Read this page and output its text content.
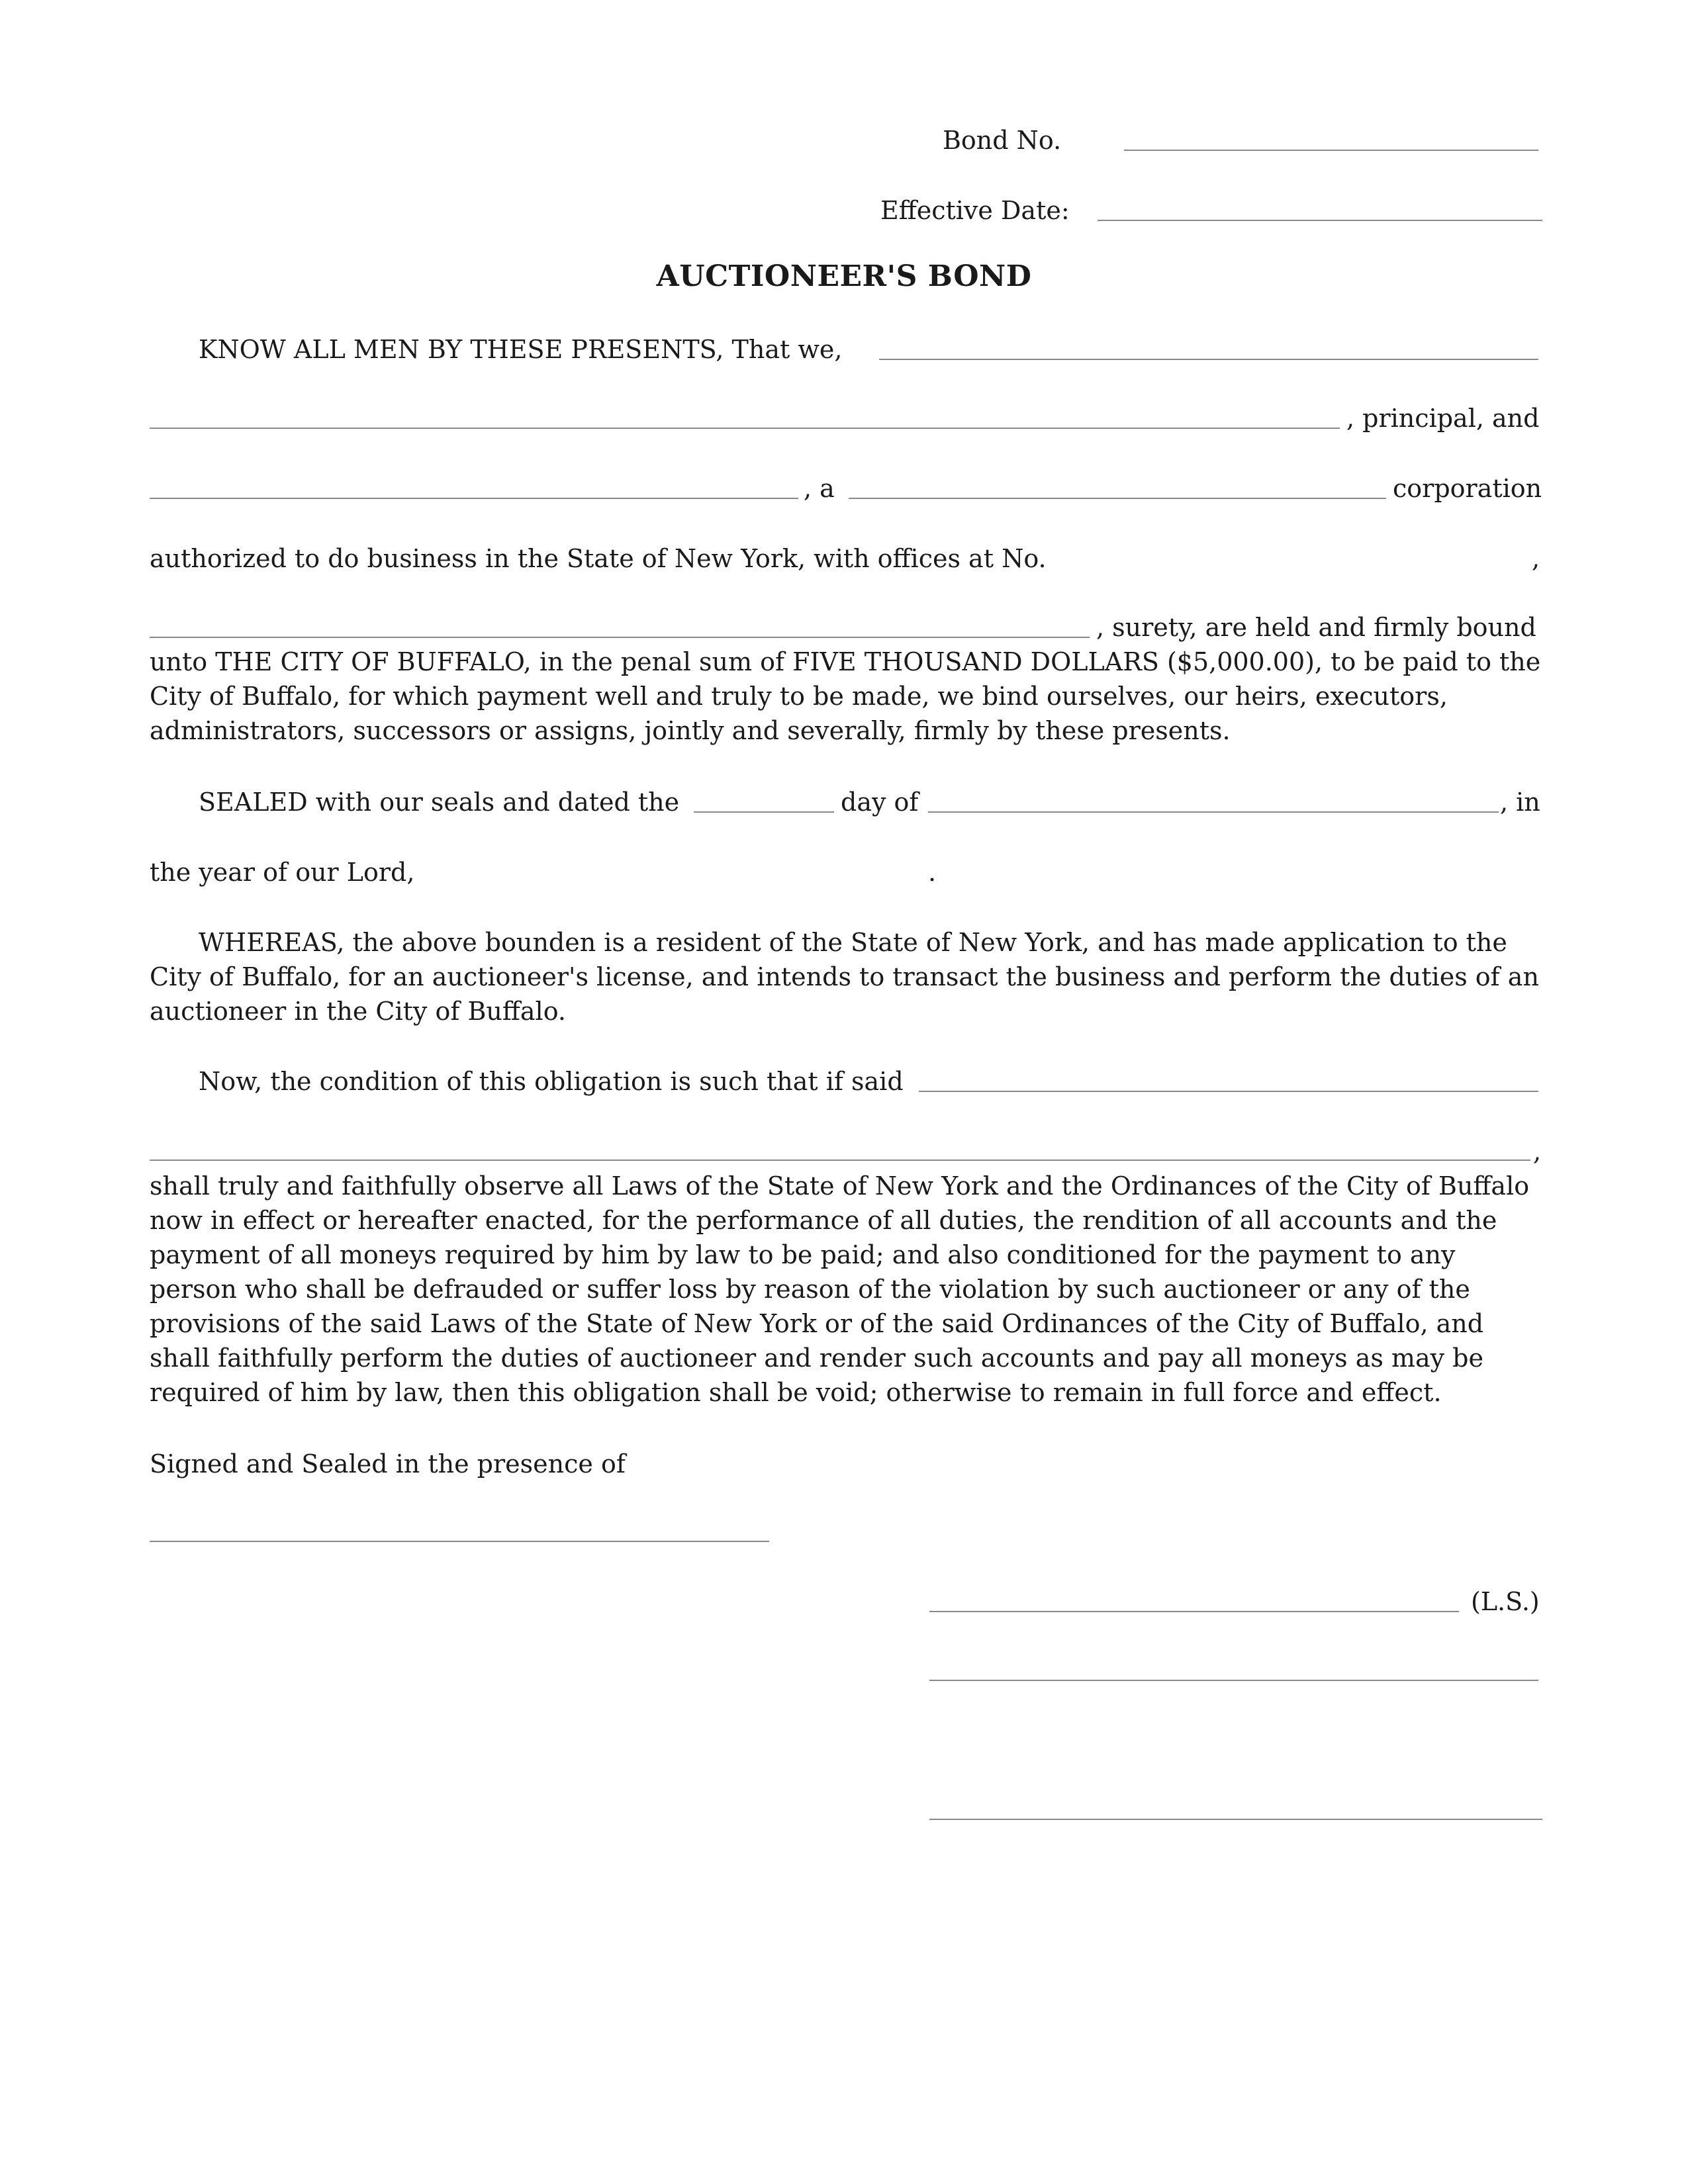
Bond No.
Effective Date:
AUCTIONEER'S BOND
KNOW ALL MEN BY THESE PRESENTS, That we,
, principal, and
, a	corporation
authorized to do business in the State of New York, with offices at No.	,
, surety, are held and firmly bound
unto THE CITY OF BUFFALO, in the penal sum of FIVE THOUSAND DOLLARS ($5,000.00), to be paid to the City of Buffalo, for which payment well and truly to be made, we bind ourselves, our heirs, executors, administrators, successors or assigns, jointly and severally, firmly by these presents.
SEALED with our seals and dated the	day of	, in
the year of our Lord,	.
WHEREAS, the above bounden is a resident of the State of New York, and has made application to the City of Buffalo, for an auctioneer's license, and intends to transact the business and perform the duties of an auctioneer in the City of Buffalo.
Now, the condition of this obligation is such that if said
,
shall truly and faithfully observe all Laws of the State of New York and the Ordinances of the City of Buffalo now in effect or hereafter enacted, for the performance of all duties, the rendition of all accounts and the payment of all moneys required by him by law to be paid; and also conditioned for the payment to any person who shall be defrauded or suffer loss by reason of the violation by such auctioneer or any of the provisions of the said Laws of the State of New York or of the said Ordinances of the City of Buffalo, and shall faithfully perform the duties of auctioneer and render such accounts and pay all moneys as may be required of him by law, then this obligation shall be void; otherwise to remain in full force and effect.
Signed and Sealed in the presence of
(L.S.)
